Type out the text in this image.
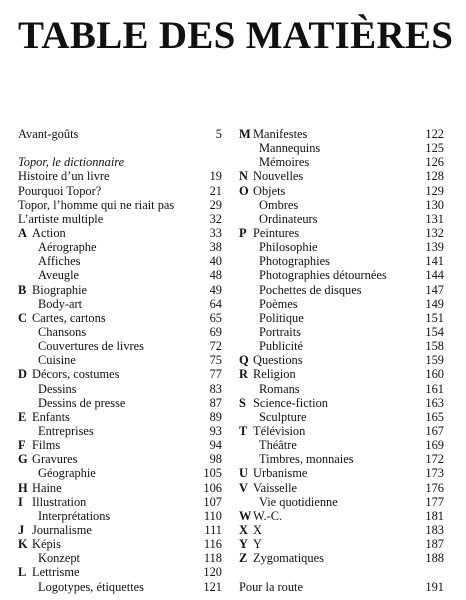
TABLE DES MATIÈRES
Avant-goûts	5
Topor, le dictionnaire
Histoire d’un livre	19
Pourquoi Topor?	21
Topor, l’homme qui ne riait pas	29
L’artiste multiple	32
A Action	33
Aérographe	38
Affiches	40
Aveugle	48
B Biographie	49
Body-art	64
C Cartes, cartons	65
Chansons	69
Couvertures de livres	72
Cuisine	75
D Décors, costumes	77
Dessins	83
Dessins de presse	87
E Enfants	89
Entreprises	93
F Films	94
G Gravures	98
Géographie	105
H Haine	106
I Illustration	107
Interprétations	110
J Journalisme	111
K Képis	116
Konzept	118
L Lettrisme	120
Logotypes, étiquettes	121
M Manifestes	122
Mannequins	125
Mémoires	126
N Nouvelles	128
O Objets	129
Ombres	130
Ordinateurs	131
P Peintures	132
Philosophie	139
Photographies	141
Photographies détournées	144
Pochettes de disques	147
Poèmes	149
Politique	151
Portraits	154
Publicité	158
Q Questions	159
R Religion	160
Romans	161
S Science-fiction	163
Sculpture	165
T Télévision	167
Théâtre	169
Timbres, monnaies	172
U Urbanisme	173
V Vaisselle	176
Vie quotidienne	177
W W.-C.	181
X X	183
Y Y	187
Z Zygomatiques	188
Pour la route	191
